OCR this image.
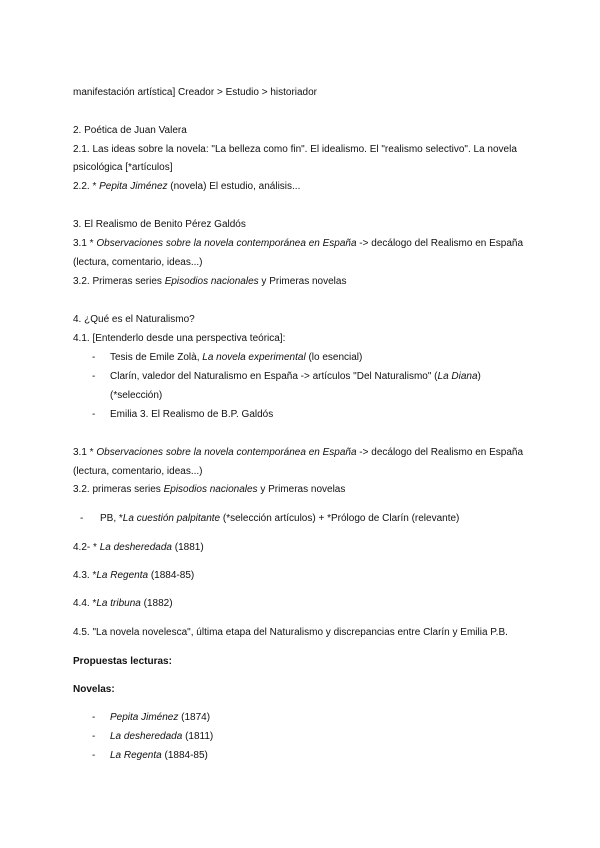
manifestación artística] Creador > Estudio > historiador
2. Poética de Juan Valera
2.1. Las ideas sobre la novela: "La belleza como fin". El idealismo. El "realismo selectivo". La novela
psicológica [*artículos]
2.2. * Pepita Jiménez (novela) El estudio, análisis...
3. El Realismo de Benito Pérez Galdós
3.1 * Observaciones sobre la novela contemporánea en España -> decálogo del Realismo en España
(lectura, comentario, ideas...)
3.2. Primeras series Episodios nacionales y Primeras novelas
4. ¿Qué es el Naturalismo?
4.1. [Entenderlo desde una perspectiva teórica]:
- Tesis de Emile Zolà, La novela experimental (lo esencial)
- Clarín, valedor del Naturalismo en España -> artículos "Del Naturalismo" (La Diana)
(*selección)
- Emilia 3. El Realismo de B.P. Galdós
3.1 * Observaciones sobre la novela contemporánea en España -> decálogo del Realismo en España
(lectura, comentario, ideas...)
3.2. primeras series Episodios nacionales y Primeras novelas
- PB, *La cuestión palpitante (*selección artículos) + *Prólogo de Clarín (relevante)
4.2- * La desheredada (1881)
4.3. *La Regenta (1884-85)
4.4. *La tribuna (1882)
4.5. "La novela novelesca", última etapa del Naturalismo y discrepancias entre Clarín y Emilia P.B.
Propuestas lecturas:
Novelas:
- Pepita Jiménez (1874)
- La desheredada (1811)
- La Regenta (1884-85)
